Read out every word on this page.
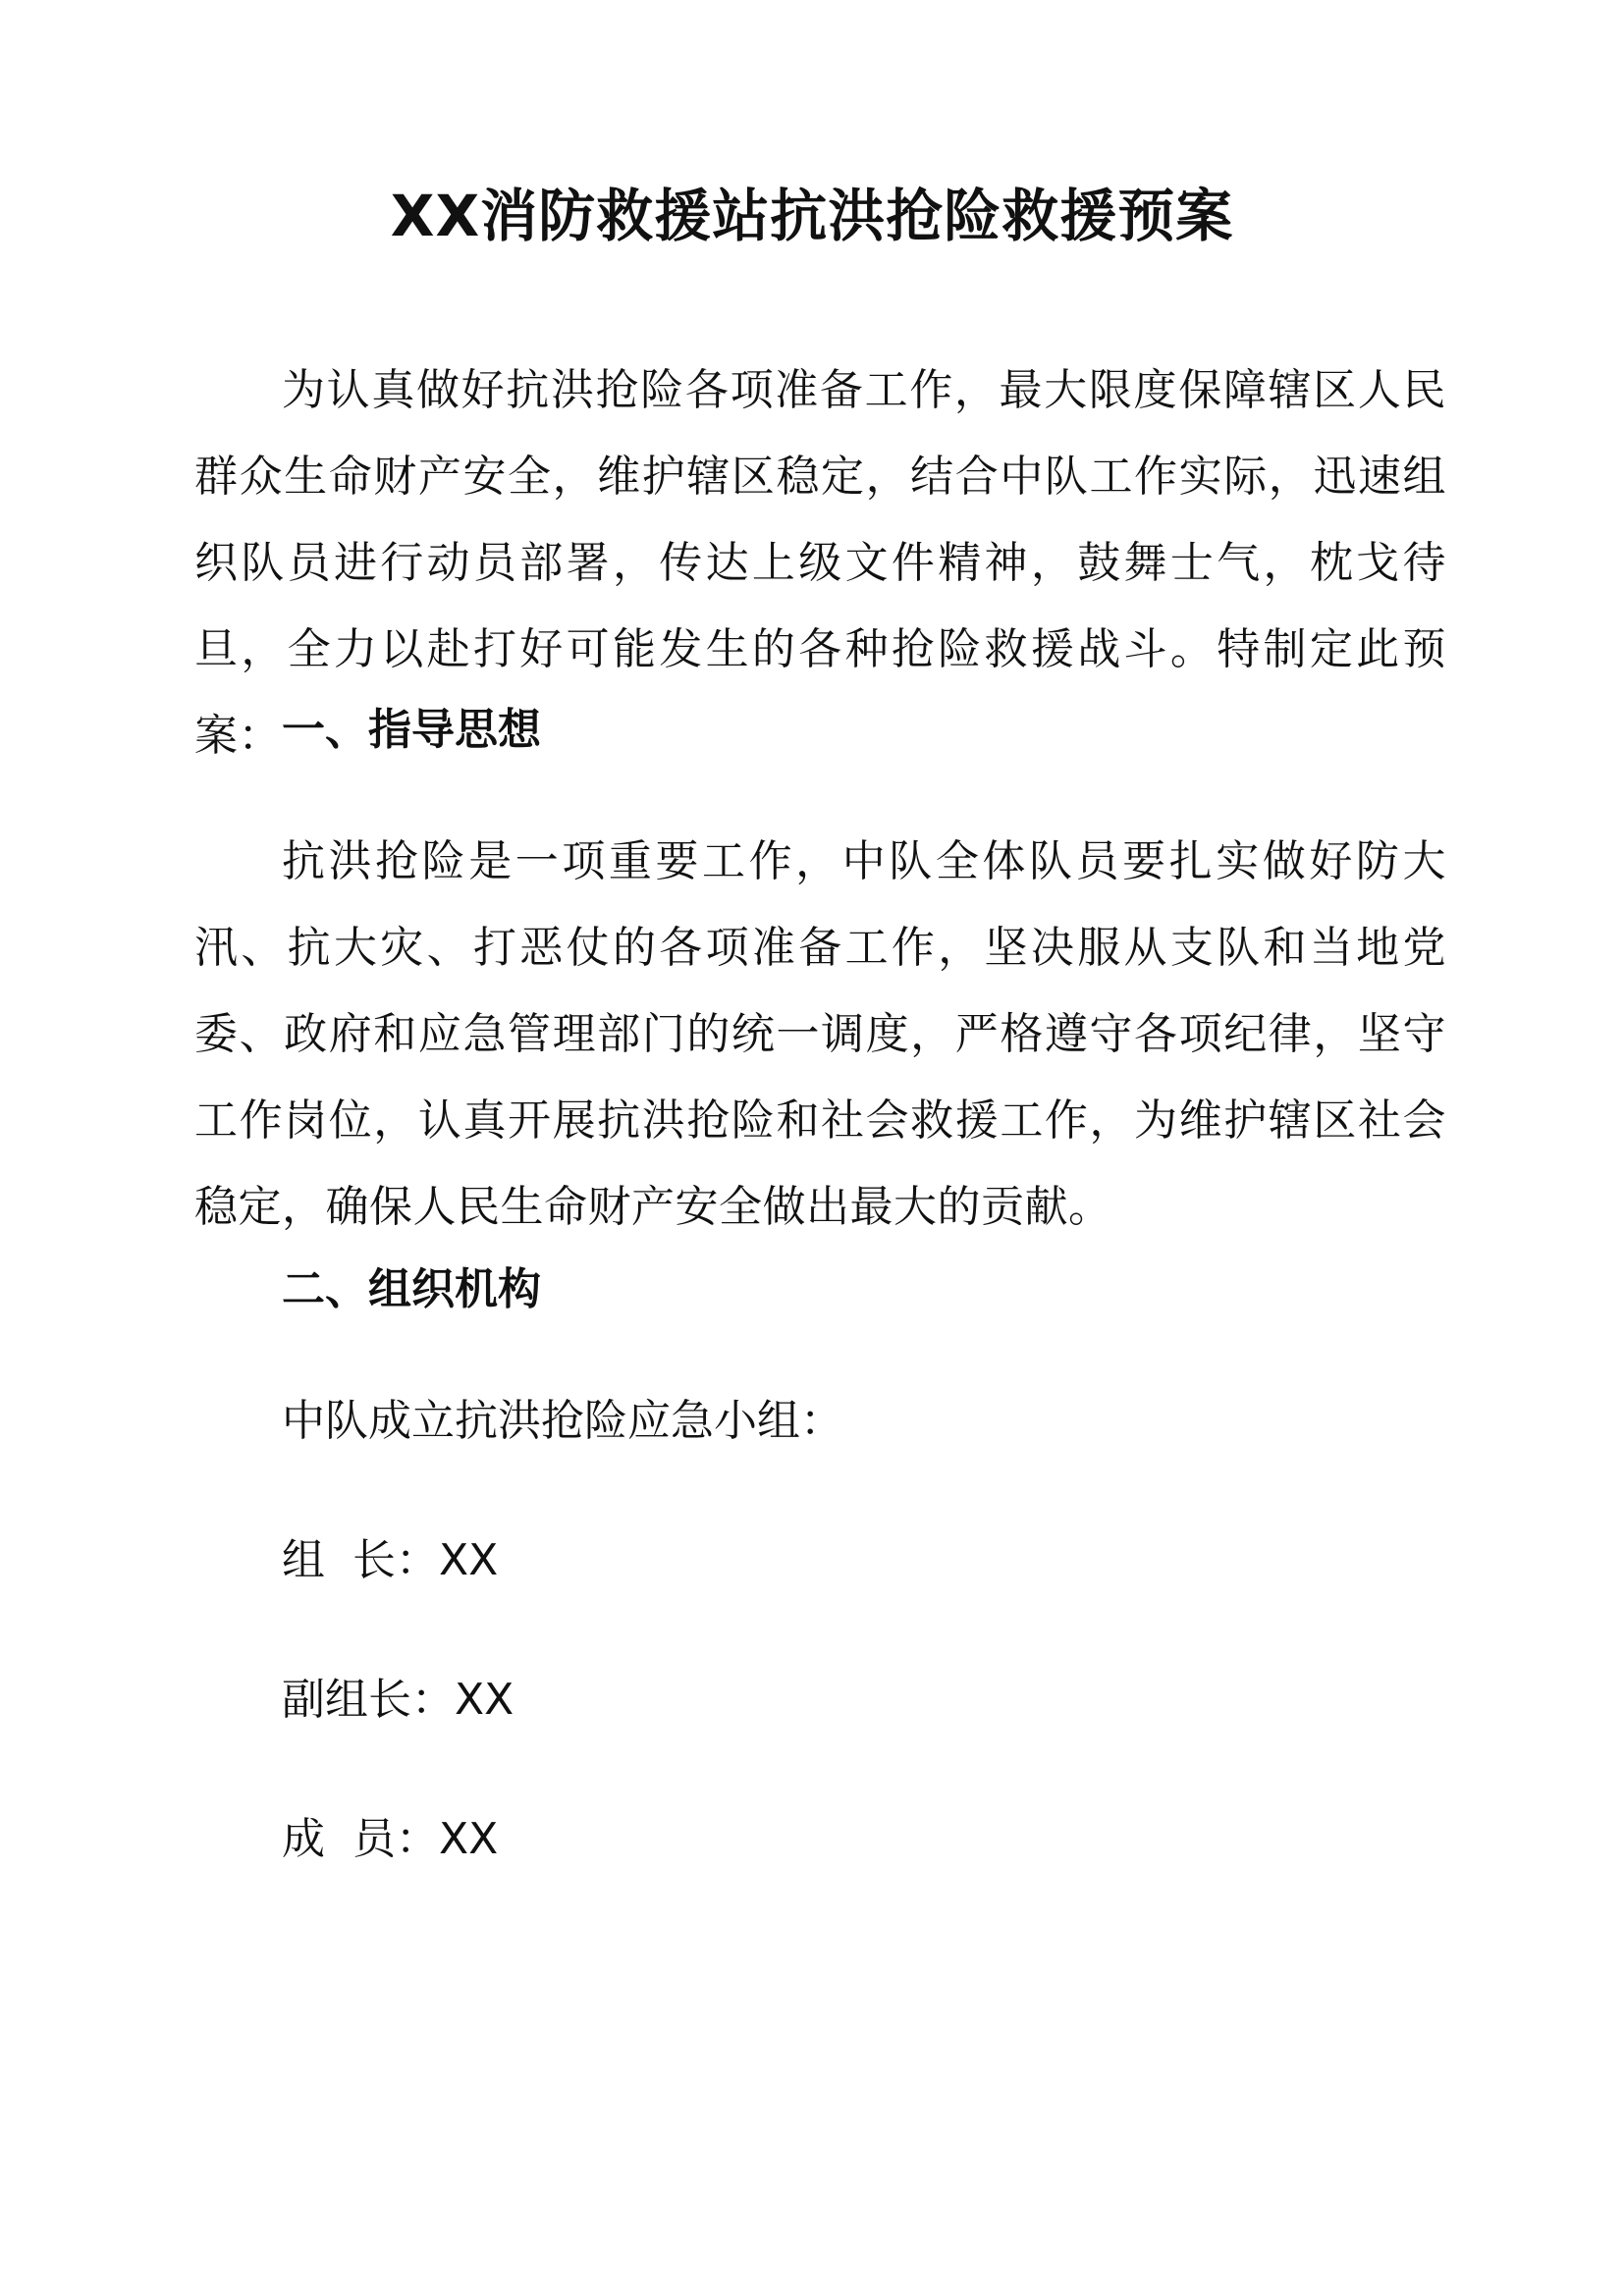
XX消防救援站抗洪抢险救援预案

为认真做好抗洪抢险各项准备工作，最大限度保障辖区人民群众生命财产安全，维护辖区稳定，结合中队工作实际，迅速组织队员进行动员部署，传达上级文件精神，鼓舞士气，枕戈待旦，全力以赴打好可能发生的各种抢险救援战斗。特制定此预案： 一、指导思想

抗洪抢险是一项重要工作，中队全体队员要扎实做好防大汛、抗大灾、打恶仗的各项准备工作，坚决服从支队和当地党委、政府和应急管理部门的统一调度，严格遵守各项纪律，坚守工作岗位，认真开展抗洪抢险和社会救援工作，为维护辖区社会稳定，确保人民生命财产安全做出最大的贡献。

二、组织机构

中队成立抗洪抢险应急小组：

组  长：XX

副组长：XX

成  员：XX
